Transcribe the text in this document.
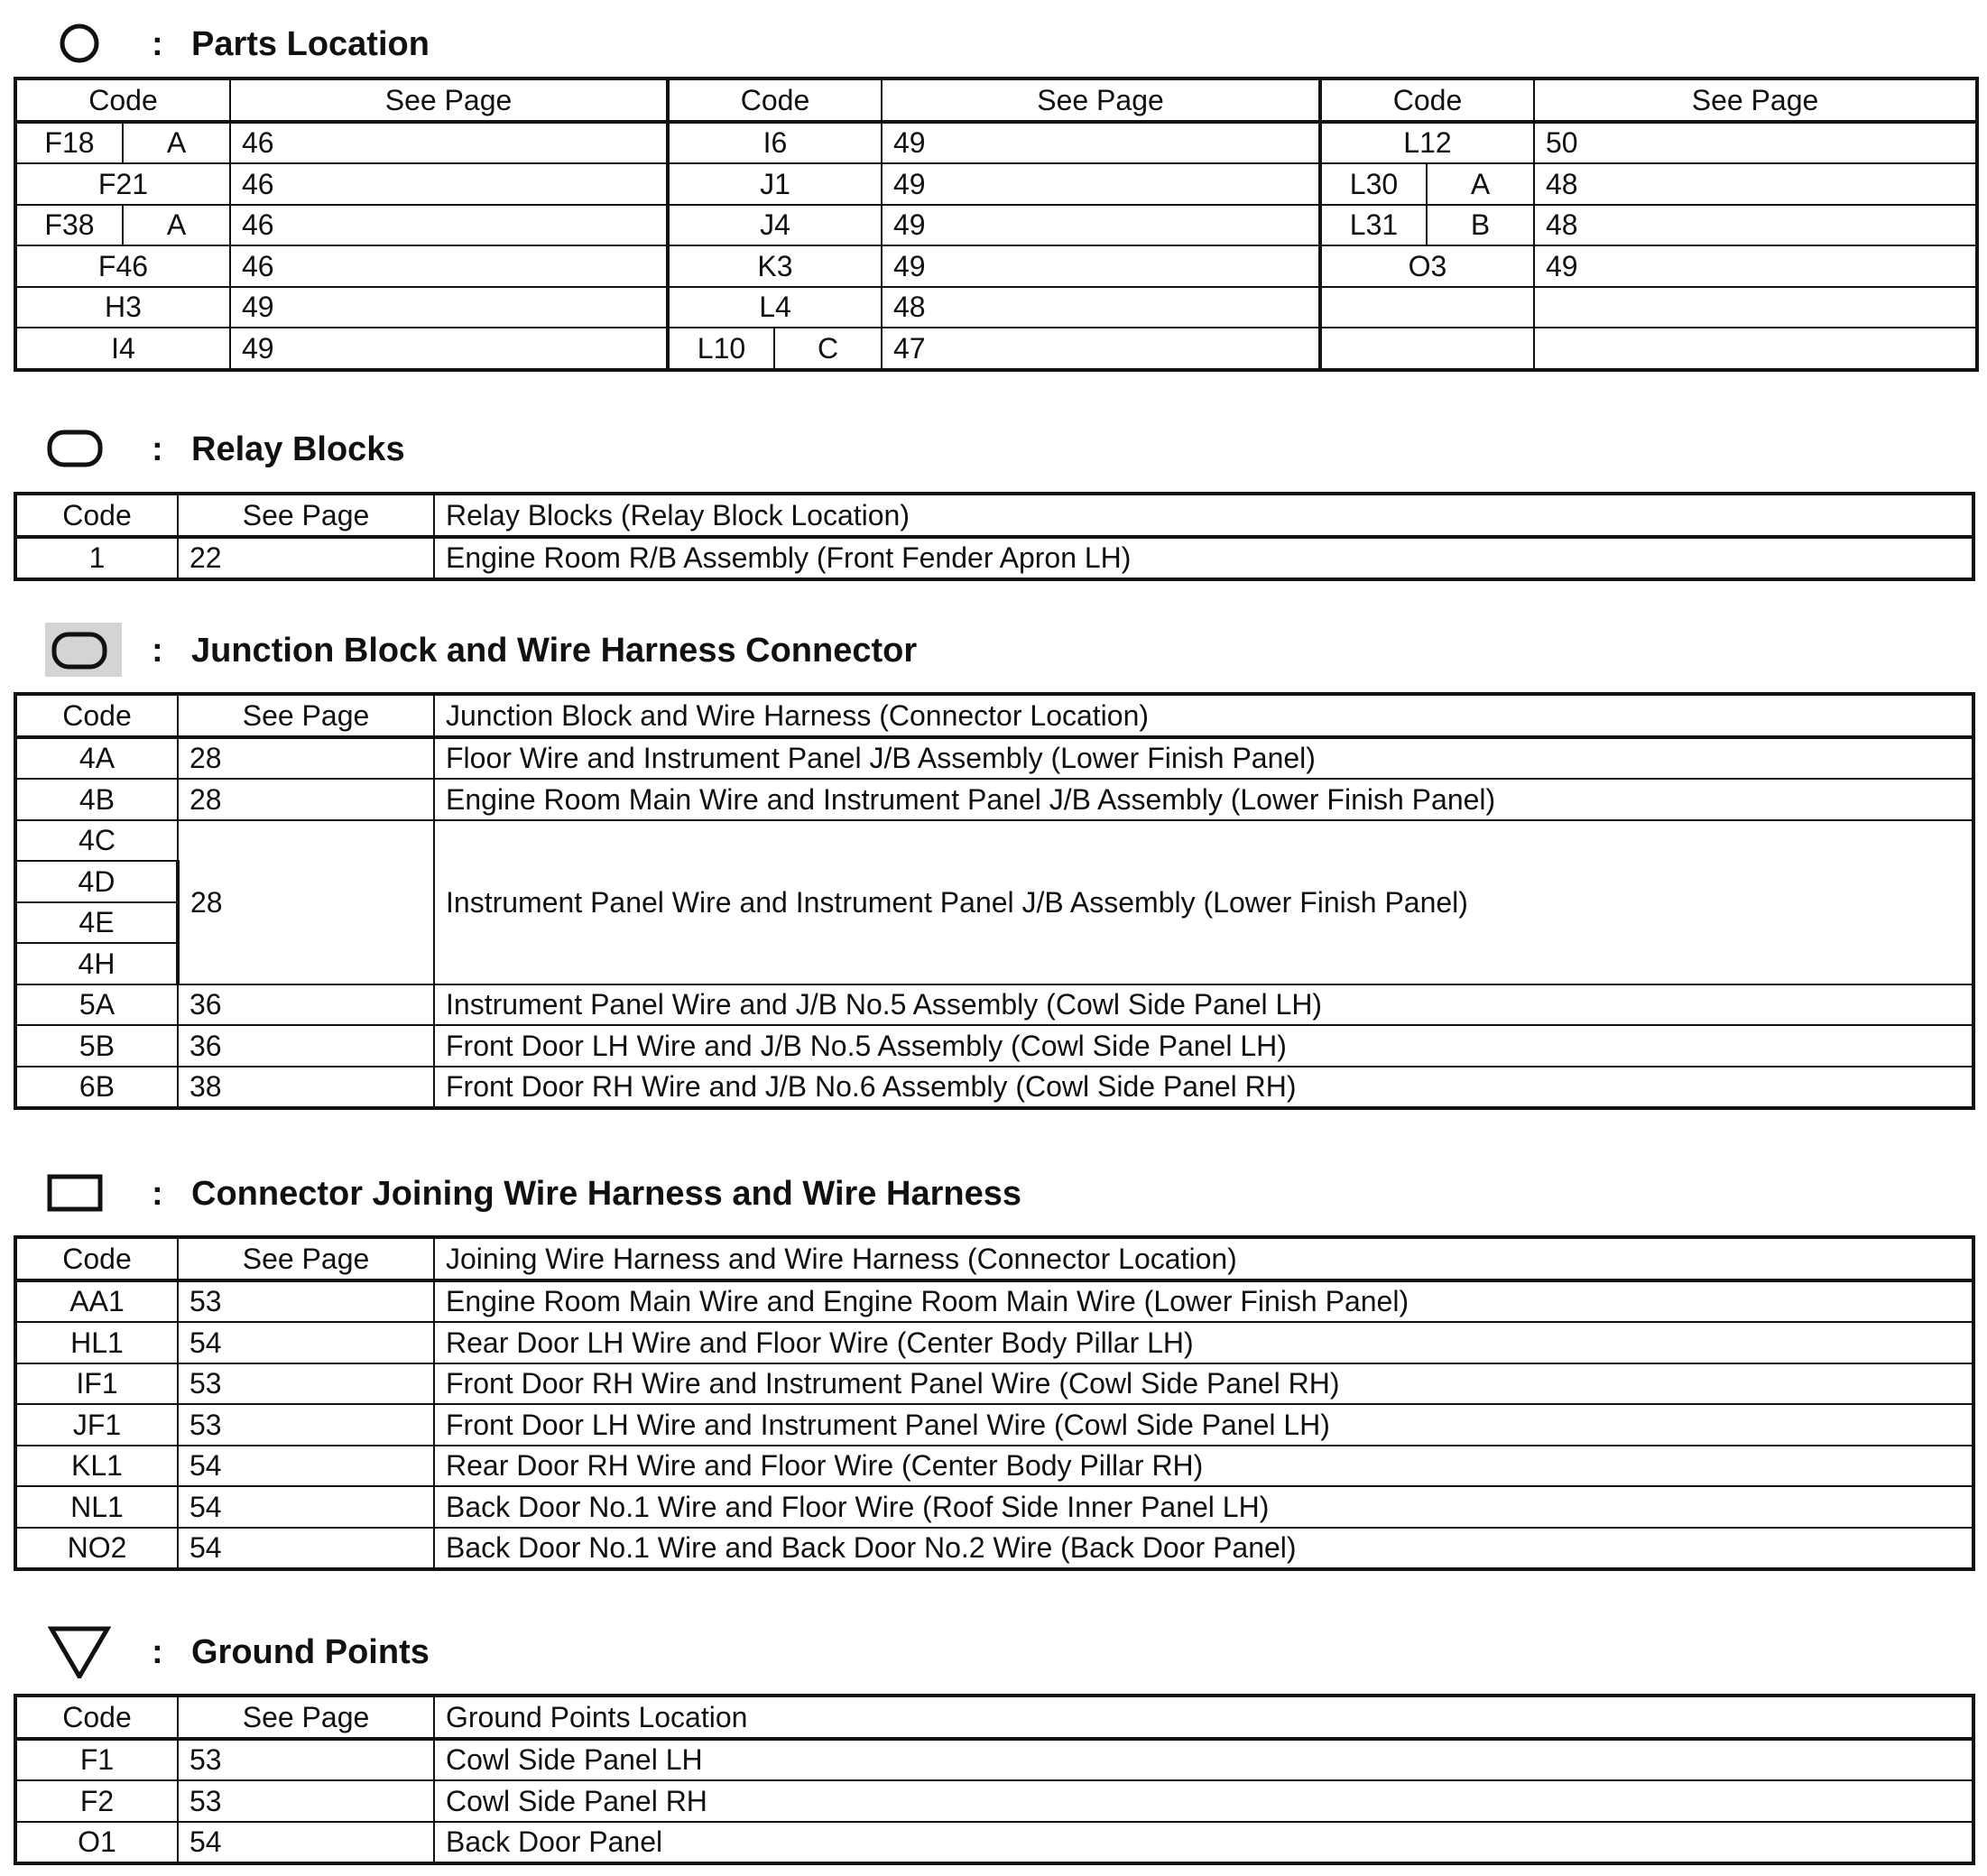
: Parts Location
Code		See Page	Code		See Page	Code		See Page
F18	A	46	I6		49	L12		50
F21		46	J1		49	L30	A	48
F38	A	46	J4		49	L31	B	48
F46		46	K3		49	O3		49
H3		49	L4		48			
I4		49	L10	C	47			
: Relay Blocks
Code	See Page	Relay Blocks (Relay Block Location)
1	22	Engine Room R/B Assembly (Front Fender Apron LH)
: Junction Block and Wire Harness Connector
Code	See Page	Junction Block and Wire Harness (Connector Location)
4A	28	Floor Wire and Instrument Panel J/B Assembly (Lower Finish Panel)
4B	28	Engine Room Main Wire and Instrument Panel J/B Assembly (Lower Finish Panel)
4C	28	Instrument Panel Wire and Instrument Panel J/B Assembly (Lower Finish Panel)
4D		
4E		
4H		
5A	36	Instrument Panel Wire and J/B No.5 Assembly (Cowl Side Panel LH)
5B	36	Front Door LH Wire and J/B No.5 Assembly (Cowl Side Panel LH)
6B	38	Front Door RH Wire and J/B No.6 Assembly (Cowl Side Panel RH)
: Connector Joining Wire Harness and Wire Harness
Code	See Page	Joining Wire Harness and Wire Harness (Connector Location)
AA1	53	Engine Room Main Wire and Engine Room Main Wire (Lower Finish Panel)
HL1	54	Rear Door LH Wire and Floor Wire (Center Body Pillar LH)
IF1	53	Front Door RH Wire and Instrument Panel Wire (Cowl Side Panel RH)
JF1	53	Front Door LH Wire and Instrument Panel Wire (Cowl Side Panel LH)
KL1	54	Rear Door RH Wire and Floor Wire (Center Body Pillar RH)
NL1	54	Back Door No.1 Wire and Floor Wire (Roof Side Inner Panel LH)
NO2	54	Back Door No.1 Wire and Back Door No.2 Wire (Back Door Panel)
: Ground Points
Code	See Page	Ground Points Location
F1	53	Cowl Side Panel LH
F2	53	Cowl Side Panel RH
O1	54	Back Door Panel
